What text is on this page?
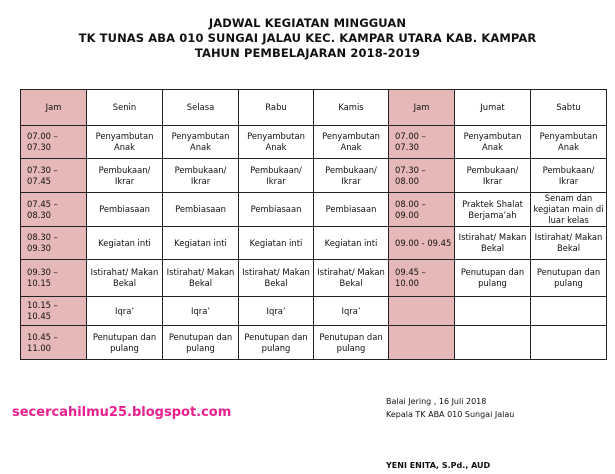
JADWAL KEGIATAN MINGGUAN
TK TUNAS ABA 010 SUNGAI JALAU KEC. KAMPAR UTARA KAB. KAMPAR
TAHUN PEMBELAJARAN 2018-2019
Jam	Senin	Selasa	Rabu	Kamis	Jam	Jumat	Sabtu
07.00 – 07.30	Penyambutan Anak	Penyambutan Anak	Penyambutan Anak	Penyambutan Anak	07.00 – 07.30	Penyambutan Anak	Penyambutan Anak
07.30 – 07.45	Pembukaan/ Ikrar	Pembukaan/ Ikrar	Pembukaan/ Ikrar	Pembukaan/ Ikrar	07.30 – 08.00	Pembukaan/ Ikrar	Pembukaan/ Ikrar
07.45 – 08.30	Pembiasaan	Pembiasaan	Pembiasaan	Pembiasaan	08.00 – 09.00	Praktek Shalat Berjama’ah	Senam dan kegiatan main di luar kelas
08.30 – 09.30	Kegiatan inti	Kegiatan inti	Kegiatan inti	Kegiatan inti	09.00 - 09.45	Istirahat/ Makan Bekal	Istirahat/ Makan Bekal
09.30 – 10.15	Istirahat/ Makan Bekal	Istirahat/ Makan Bekal	Istirahat/ Makan Bekal	Istirahat/ Makan Bekal	09.45 – 10.00	Penutupan dan pulang	Penutupan dan pulang
10.15 – 10.45	Iqra’	Iqra’	Iqra’	Iqra’			
10.45 – 11.00	Penutupan dan pulang	Penutupan dan pulang	Penutupan dan pulang	Penutupan dan pulang			
Balai Jering , 16 Juli 2018
Kepala TK ABA 010 Sungai Jalau
YENI ENITA, S.Pd., AUD
secercahilmu25.blogspot.com
